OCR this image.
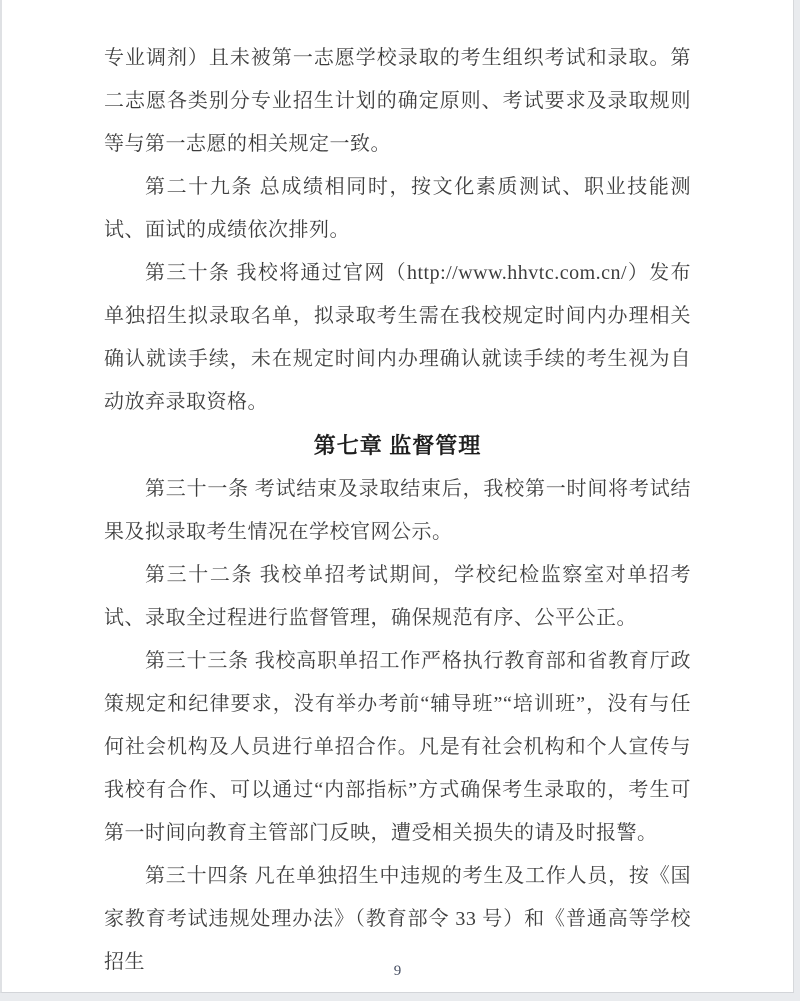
专业调剂）且未被第一志愿学校录取的考生组织考试和录取。第二志愿各类别分专业招生计划的确定原则、考试要求及录取规则等与第一志愿的相关规定一致。

第二十九条 总成绩相同时，按文化素质测试、职业技能测试、面试的成绩依次排列。

第三十条 我校将通过官网（http://www.hhvtc.com.cn/）发布单独招生拟录取名单，拟录取考生需在我校规定时间内办理相关确认就读手续，未在规定时间内办理确认就读手续的考生视为自动放弃录取资格。

第七章 监督管理

第三十一条 考试结束及录取结束后，我校第一时间将考试结果及拟录取考生情况在学校官网公示。

第三十二条 我校单招考试期间，学校纪检监察室对单招考试、录取全过程进行监督管理，确保规范有序、公平公正。

第三十三条 我校高职单招工作严格执行教育部和省教育厅政策规定和纪律要求，没有举办考前“辅导班”“培训班”，没有与任何社会机构及人员进行单招合作。凡是有社会机构和个人宣传与我校有合作、可以通过“内部指标”方式确保考生录取的，考生可第一时间向教育主管部门反映，遭受相关损失的请及时报警。

第三十四条 凡在单独招生中违规的考生及工作人员，按《国家教育考试违规处理办法》（教育部令 33 号）和《普通高等学校招生	9
